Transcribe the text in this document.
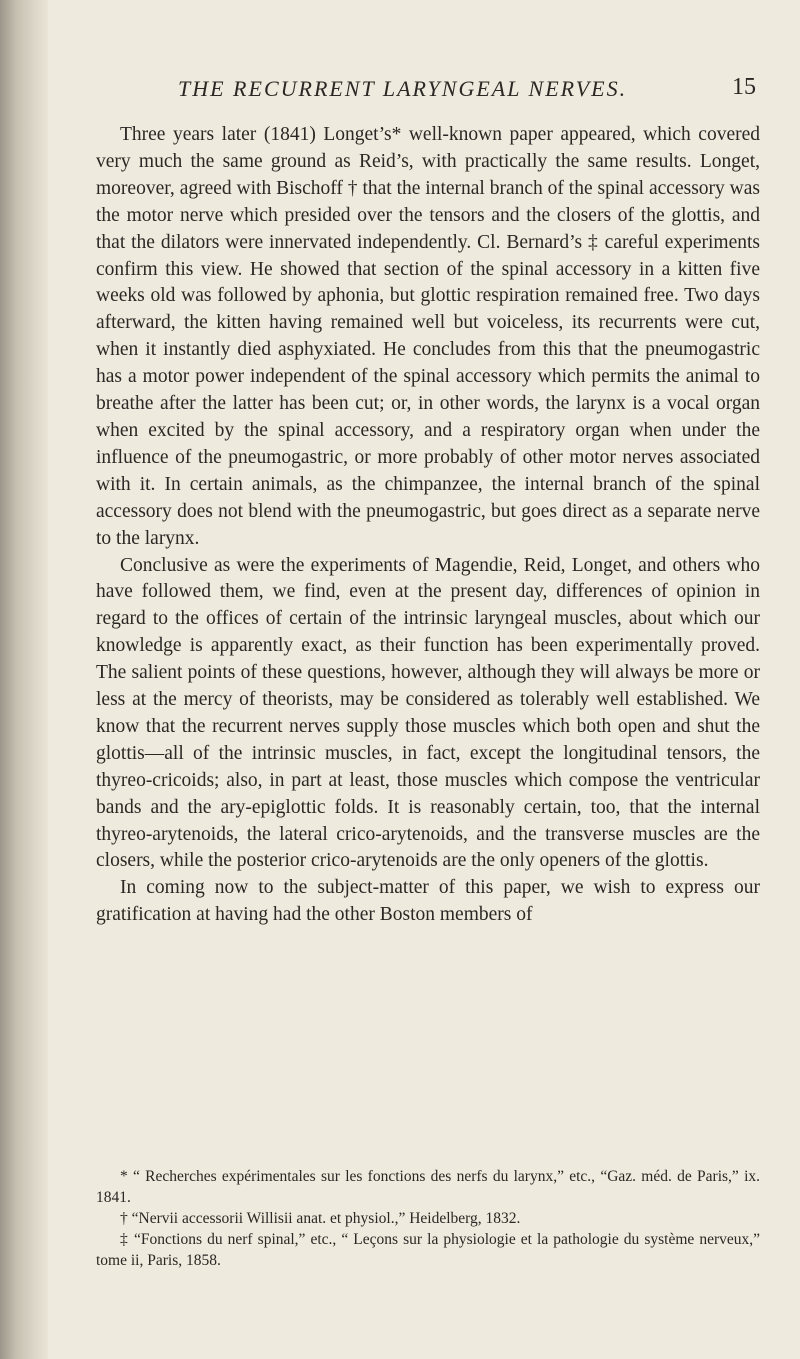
THE RECURRENT LARYNGEAL NERVES.	15

Three years later (1841) Longet’s* well-known paper appeared, which covered very much the same ground as Reid’s, with practically the same results. Longet, moreover, agreed with Bischoff † that the internal branch of the spinal accessory was the motor nerve which presided over the tensors and the closers of the glottis, and that the dilators were innervated independently. Cl. Bernard’s ‡ careful experiments confirm this view. He showed that section of the spinal accessory in a kitten five weeks old was followed by aphonia, but glottic respiration remained free. Two days afterward, the kitten having remained well but voiceless, its recurrents were cut, when it instantly died asphyxiated. He concludes from this that the pneumogastric has a motor power independent of the spinal accessory which permits the animal to breathe after the latter has been cut; or, in other words, the larynx is a vocal organ when excited by the spinal accessory, and a respiratory organ when under the influence of the pneumogastric, or more probably of other motor nerves associated with it. In certain animals, as the chimpanzee, the internal branch of the spinal accessory does not blend with the pneumogastric, but goes direct as a separate nerve to the larynx.

Conclusive as were the experiments of Magendie, Reid, Longet, and others who have followed them, we find, even at the present day, differences of opinion in regard to the offices of certain of the intrinsic laryngeal muscles, about which our knowledge is apparently exact, as their function has been experimentally proved. The salient points of these questions, however, although they will always be more or less at the mercy of theorists, may be considered as tolerably well established. We know that the recurrent nerves supply those muscles which both open and shut the glottis—all of the intrinsic muscles, in fact, except the longitudinal tensors, the thyreo-cricoids; also, in part at least, those muscles which compose the ventricular bands and the ary-epiglottic folds. It is reasonably certain, too, that the internal thyreo-arytenoids, the lateral crico-arytenoids, and the transverse muscles are the closers, while the posterior crico-arytenoids are the only openers of the glottis.

In coming now to the subject-matter of this paper, we wish to express our gratification at having had the other Boston members of

* “ Recherches expérimentales sur les fonctions des nerfs du larynx,” etc., “Gaz. méd. de Paris,” ix. 1841.

† “Nervii accessorii Willisii anat. et physiol.,” Heidelberg, 1832.

‡ “Fonctions du nerf spinal,” etc., “ Leçons sur la physiologie et la pathologie du système nerveux,” tome ii, Paris, 1858.
